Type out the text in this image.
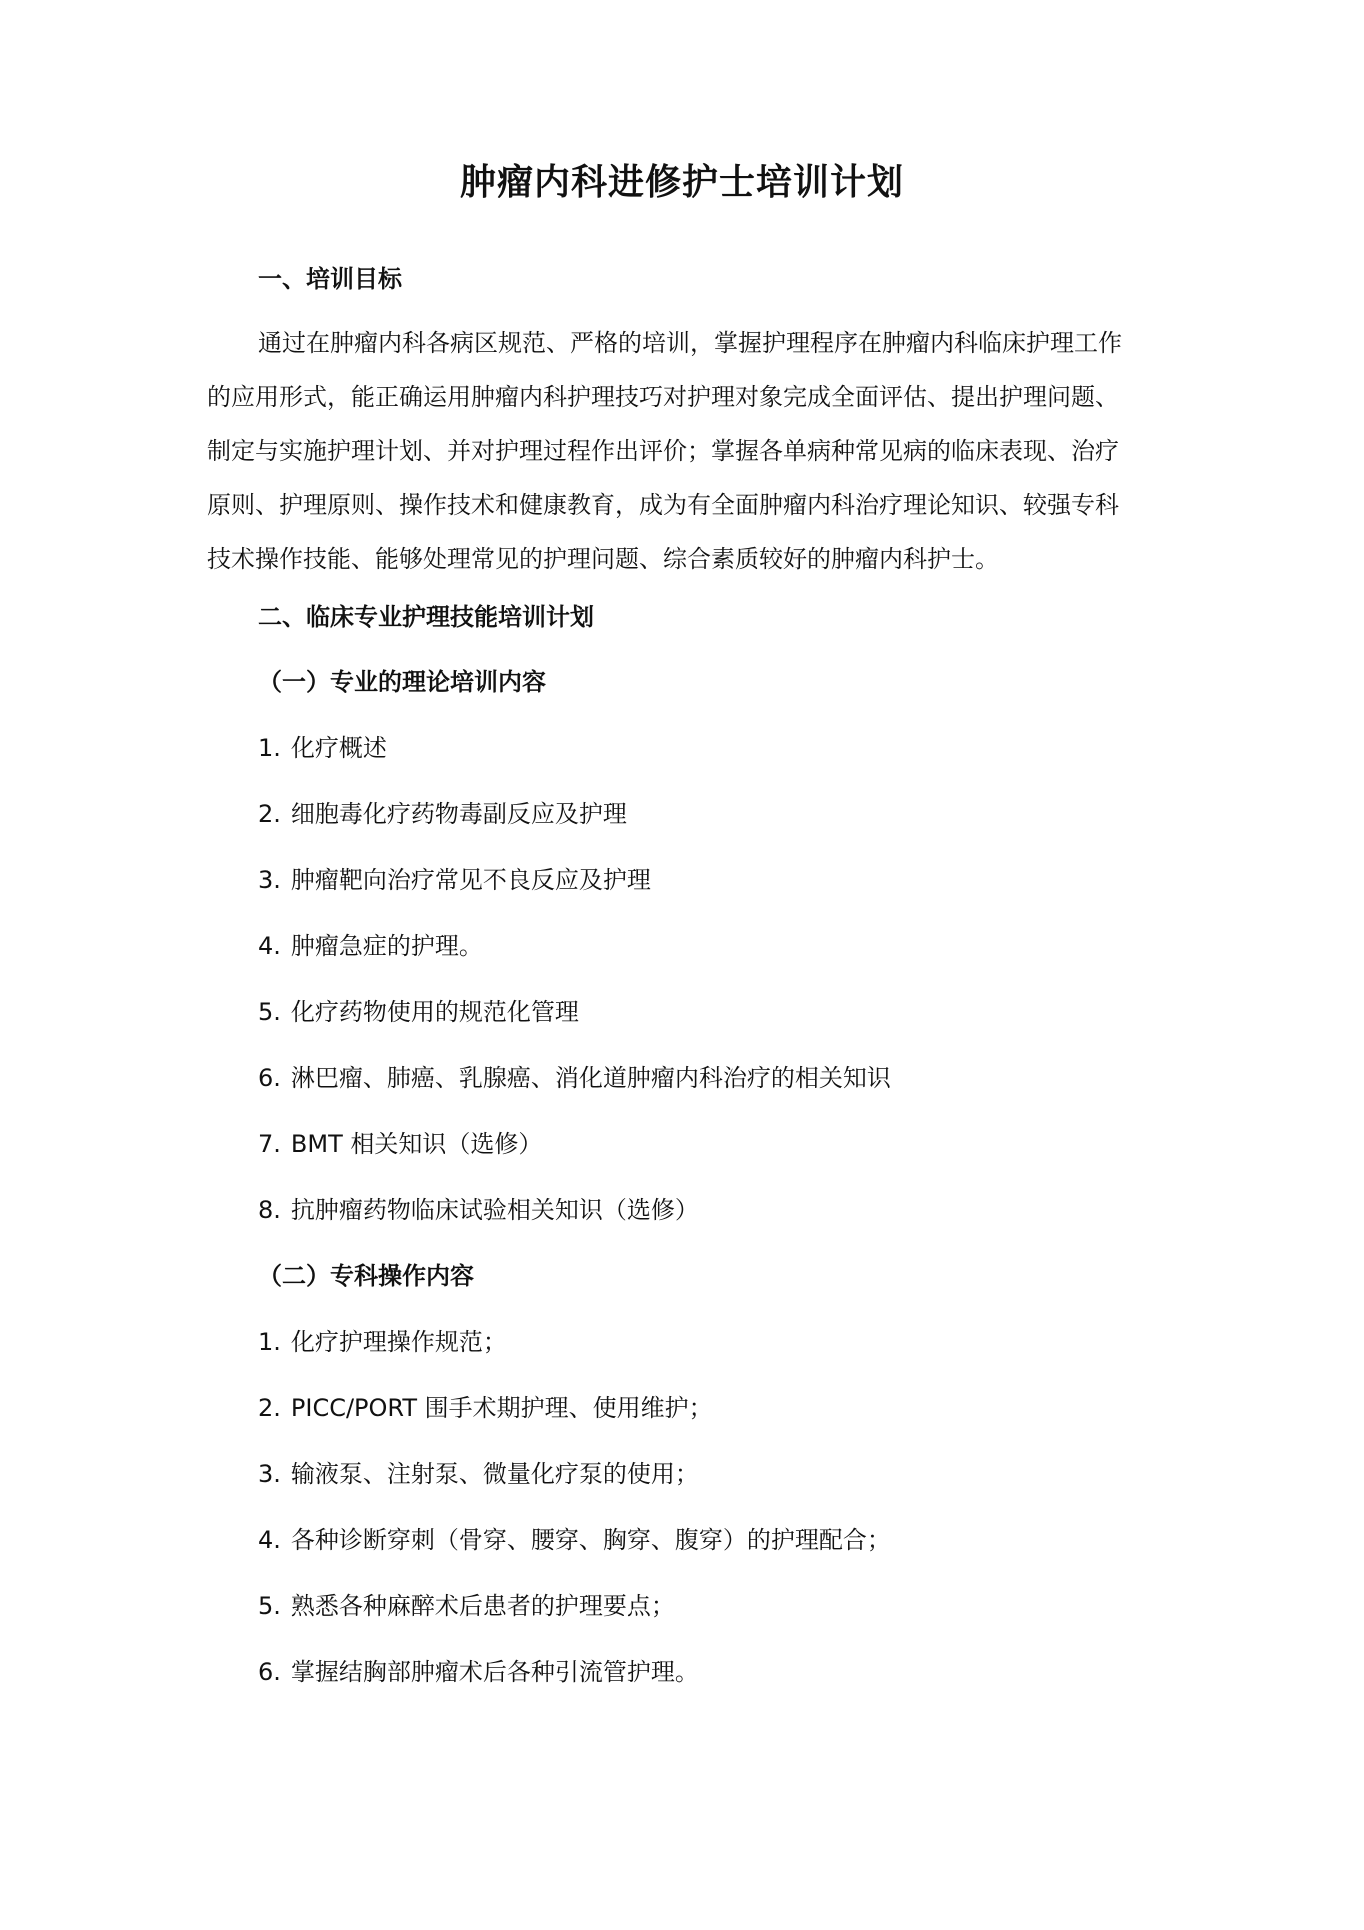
肿瘤内科进修护士培训计划
一、培训目标
通过在肿瘤内科各病区规范、严格的培训，掌握护理程序在肿瘤内科临床护理工作
的应用形式，能正确运用肿瘤内科护理技巧对护理对象完成全面评估、提出护理问题、
制定与实施护理计划、并对护理过程作出评价；掌握各单病种常见病的临床表现、治疗
原则、护理原则、操作技术和健康教育，成为有全面肿瘤内科治疗理论知识、较强专科
技术操作技能、能够处理常见的护理问题、综合素质较好的肿瘤内科护士。
二、临床专业护理技能培训计划
（一）专业的理论培训内容
1. 化疗概述
2. 细胞毒化疗药物毒副反应及护理
3. 肿瘤靶向治疗常见不良反应及护理
4. 肿瘤急症的护理。
5. 化疗药物使用的规范化管理
6. 淋巴瘤、肺癌、乳腺癌、消化道肿瘤内科治疗的相关知识
7. BMT 相关知识（选修）
8. 抗肿瘤药物临床试验相关知识（选修）
（二）专科操作内容
1. 化疗护理操作规范；
2. PICC/PORT 围手术期护理、使用维护；
3. 输液泵、注射泵、微量化疗泵的使用；
4. 各种诊断穿刺（骨穿、腰穿、胸穿、腹穿）的护理配合；
5. 熟悉各种麻醉术后患者的护理要点；
6. 掌握结胸部肿瘤术后各种引流管护理。
